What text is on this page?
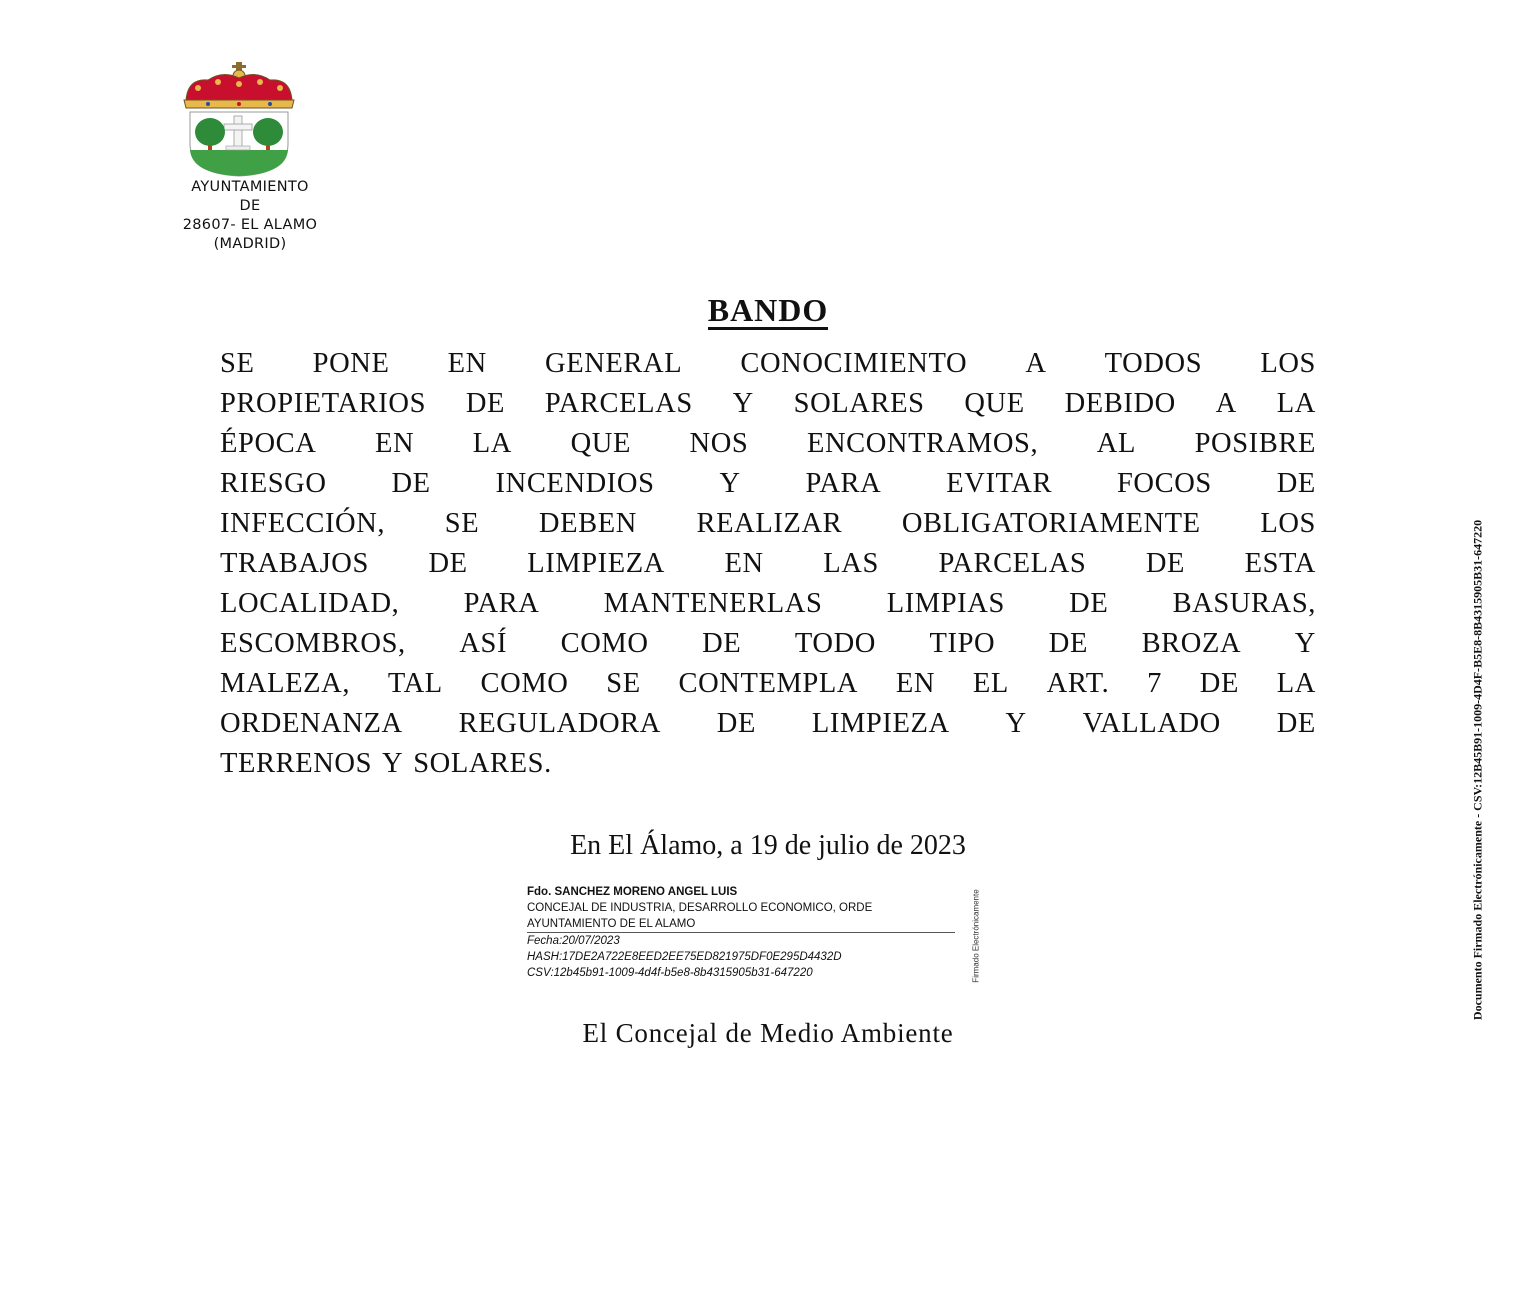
AYUNTAMIENTO
DE
28607- EL ALAMO
(MADRID)
BANDO
SE PONE EN GENERAL CONOCIMIENTO A TODOS LOS
PROPIETARIOS DE PARCELAS Y SOLARES QUE DEBIDO A LA
ÉPOCA EN LA QUE NOS ENCONTRAMOS, AL POSIBRE
RIESGO DE INCENDIOS Y PARA EVITAR FOCOS DE
INFECCIÓN, SE DEBEN REALIZAR OBLIGATORIAMENTE LOS
TRABAJOS DE LIMPIEZA EN LAS PARCELAS DE ESTA
LOCALIDAD, PARA MANTENERLAS LIMPIAS DE BASURAS,
ESCOMBROS, ASÍ COMO DE TODO TIPO DE BROZA Y
MALEZA, TAL COMO SE CONTEMPLA EN EL ART. 7 DE LA
ORDENANZA REGULADORA DE LIMPIEZA Y VALLADO DE
TERRENOS Y SOLARES.
En El Álamo, a 19 de julio de 2023
Fdo. SANCHEZ MORENO ANGEL LUIS
CONCEJAL DE INDUSTRIA, DESARROLLO ECONOMICO, ORDE
AYUNTAMIENTO DE EL ALAMO
Fecha:20/07/2023
HASH:17DE2A722E8EED2EE75ED821975DF0E295D4432D
CSV:12b45b91-1009-4d4f-b5e8-8b4315905b31-647220	Firmado Electrónicamente
El Concejal de Medio Ambiente
Documento Firmado Electrónicamente - CSV:12B45B91-1009-4D4F-B5E8-8B4315905B31-647220
